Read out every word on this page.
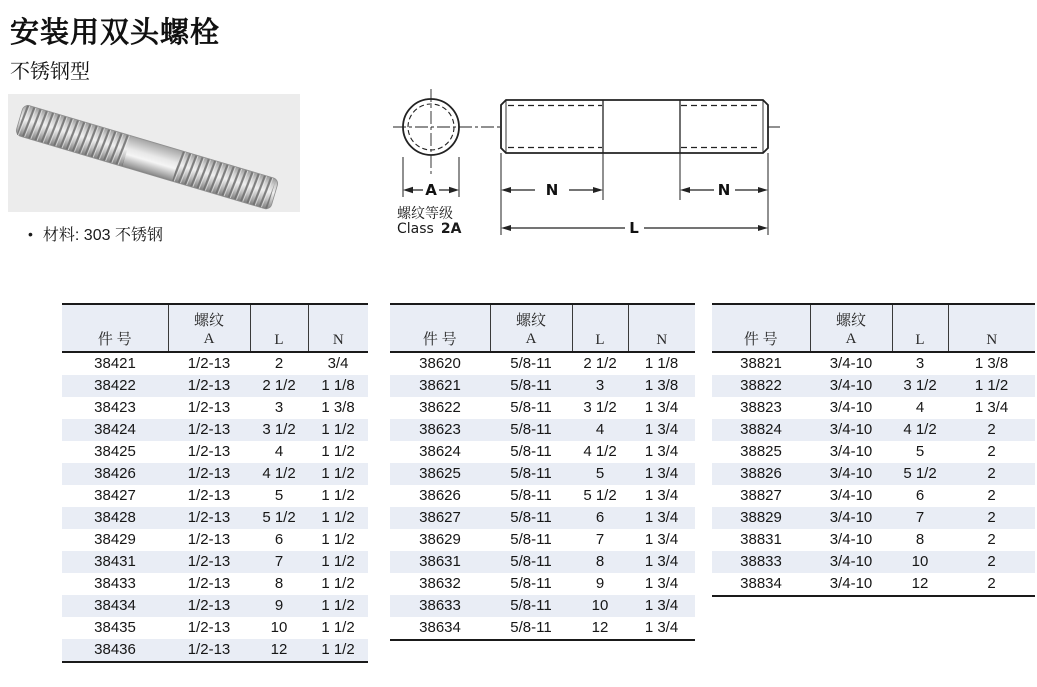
安装用双头螺栓
不锈钢型
• 材料: 303 不锈钢
A
螺纹等级
Class 2A
N	N
L
件 号	螺纹
A	L	N
38421	1/2-13	2	3/4
38422	1/2-13	2 1/2	1 1/8
38423	1/2-13	3	1 3/8
38424	1/2-13	3 1/2	1 1/2
38425	1/2-13	4	1 1/2
38426	1/2-13	4 1/2	1 1/2
38427	1/2-13	5	1 1/2
38428	1/2-13	5 1/2	1 1/2
38429	1/2-13	6	1 1/2
38431	1/2-13	7	1 1/2
38433	1/2-13	8	1 1/2
38434	1/2-13	9	1 1/2
38435	1/2-13	10	1 1/2
38436	1/2-13	12	1 1/2
件 号	螺纹
A	L	N
38620	5/8-11	2 1/2	1 1/8
38621	5/8-11	3	1 3/8
38622	5/8-11	3 1/2	1 3/4
38623	5/8-11	4	1 3/4
38624	5/8-11	4 1/2	1 3/4
38625	5/8-11	5	1 3/4
38626	5/8-11	5 1/2	1 3/4
38627	5/8-11	6	1 3/4
38629	5/8-11	7	1 3/4
38631	5/8-11	8	1 3/4
38632	5/8-11	9	1 3/4
38633	5/8-11	10	1 3/4
38634	5/8-11	12	1 3/4
件 号	螺纹
A	L	N
38821	3/4-10	3	1 3/8
38822	3/4-10	3 1/2	1 1/2
38823	3/4-10	4	1 3/4
38824	3/4-10	4 1/2	2
38825	3/4-10	5	2
38826	3/4-10	5 1/2	2
38827	3/4-10	6	2
38829	3/4-10	7	2
38831	3/4-10	8	2
38833	3/4-10	10	2
38834	3/4-10	12	2
